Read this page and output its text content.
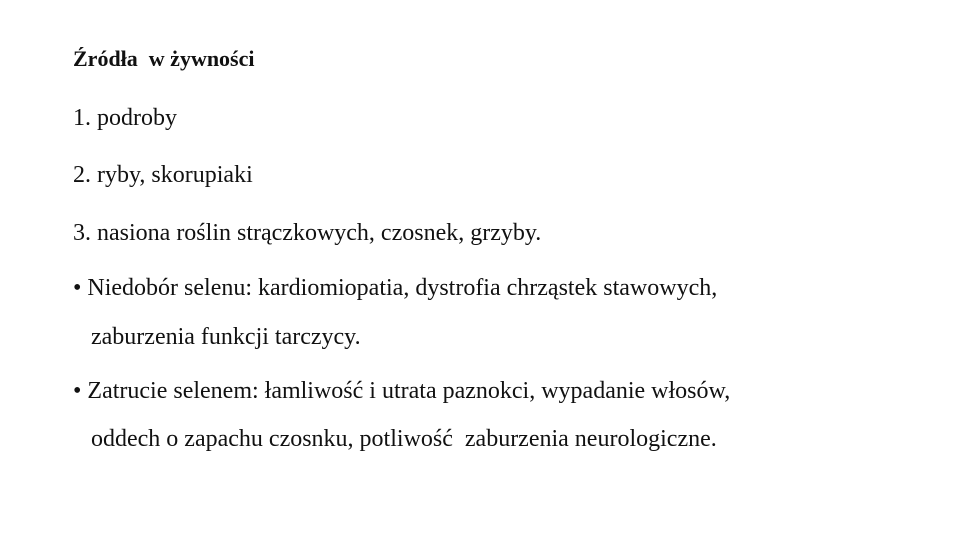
Źródła  w żywności
1. podroby
2. ryby, skorupiaki
3. nasiona roślin strączkowych, czosnek, grzyby.
• Niedobór selenu: kardiomiopatia, dystrofia chrząstek stawowych,
zaburzenia funkcji tarczycy.
• Zatrucie selenem: łamliwość i utrata paznokci, wypadanie włosów,
oddech o zapachu czosnku, potliwość  zaburzenia neurologiczne.
